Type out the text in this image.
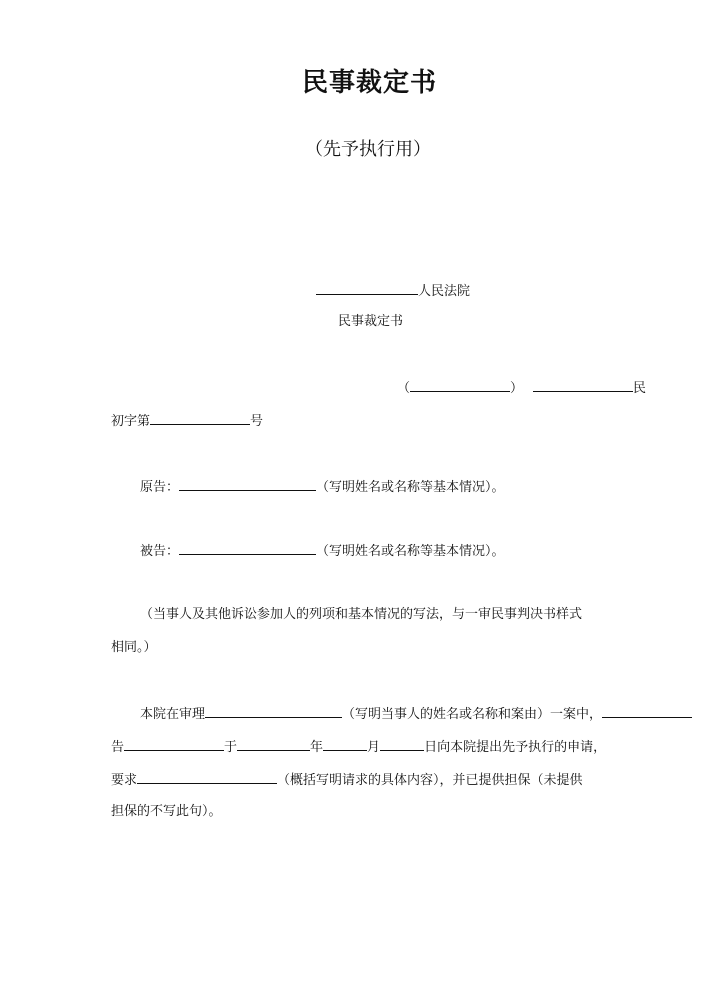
民事裁定书
（先予执行用）
人民法院
民事裁定书
（	）	民
初字第	号
原告：	（写明姓名或名称等基本情况）。
被告：	（写明姓名或名称等基本情况）。
（当事人及其他诉讼参加人的列项和基本情况的写法，与一审民事判决书样式
相同。）
本院在审理	（写明当事人的姓名或名称和案由）一案中，
告	于	年	月	日向本院提出先予执行的申请，
要求	（概括写明请求的具体内容），并已提供担保（未提供
担保的不写此句）。
